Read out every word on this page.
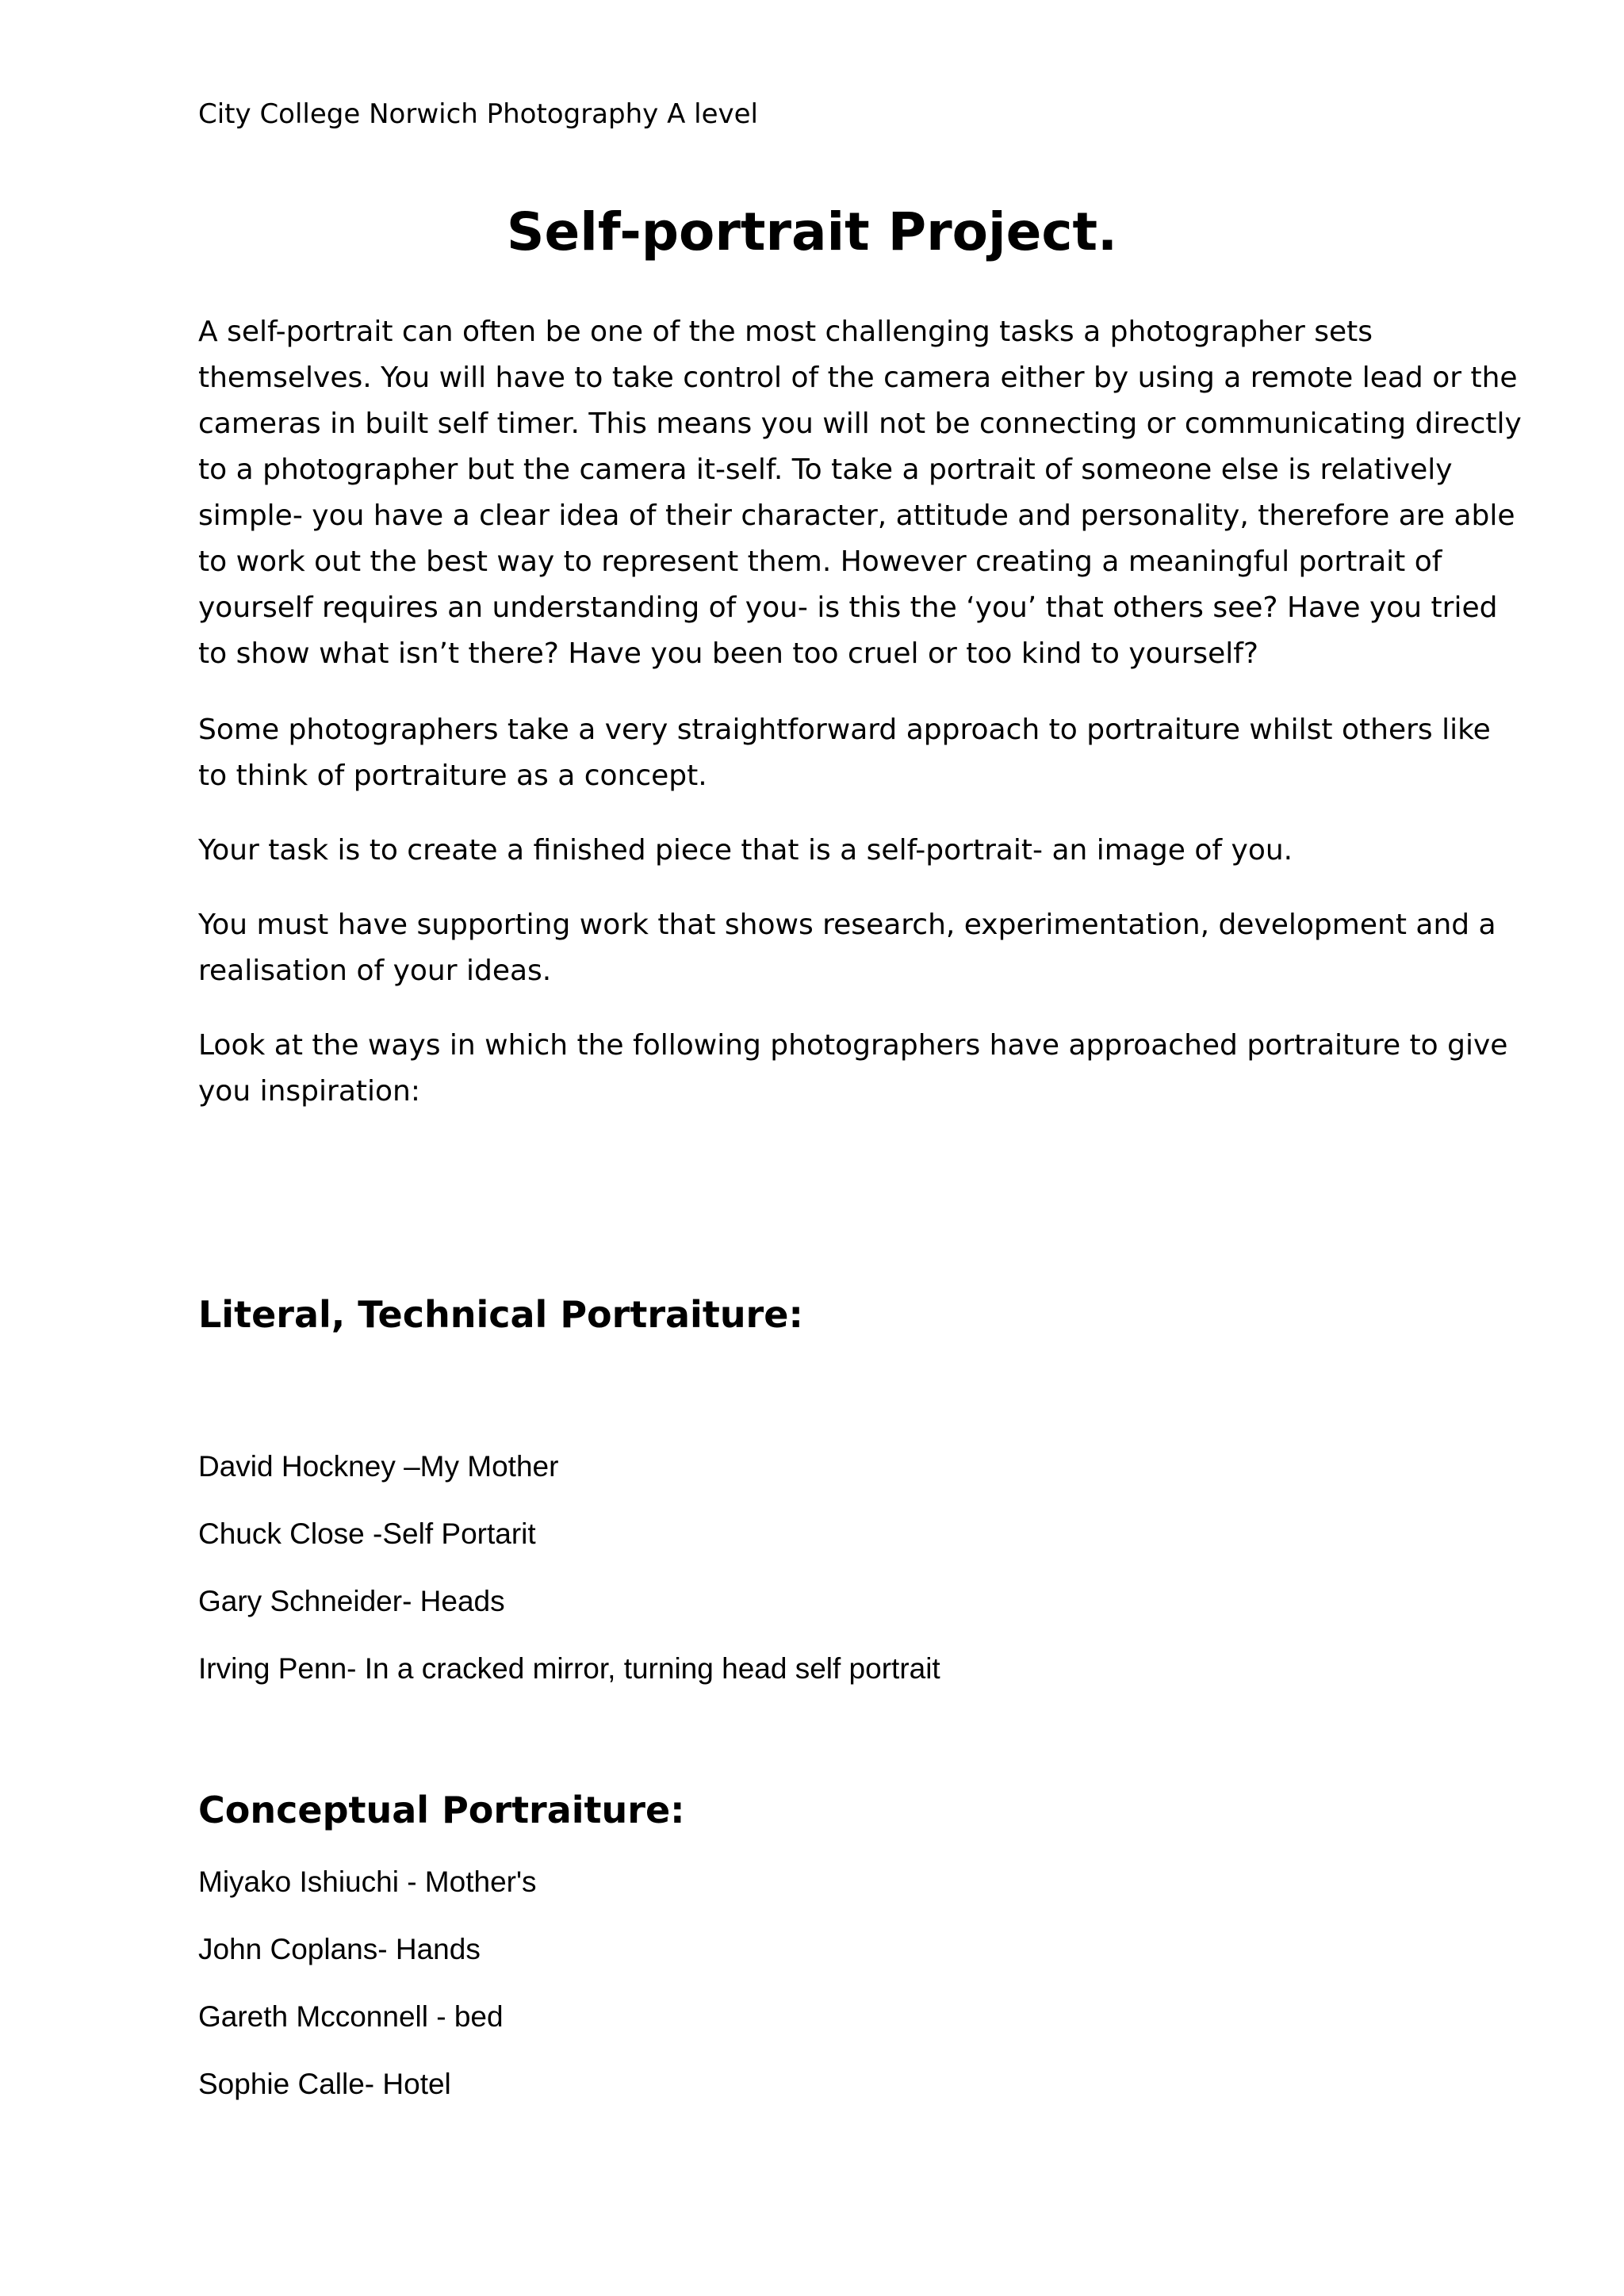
City College Norwich Photography A level
Self-portrait Project.
A self-portrait can often be one of the most challenging tasks a photographer sets
themselves. You will have to take control of the camera either by using a remote lead or the
cameras in built self timer. This means you will not be connecting or communicating directly
to a photographer but the camera it-self. To take a portrait of someone else is relatively
simple- you have a clear idea of their character, attitude and personality, therefore are able
to work out the best way to represent them. However creating a meaningful portrait of
yourself requires an understanding of you- is this the ‘you’ that others see? Have you tried
to show what isn’t there? Have you been too cruel or too kind to yourself?
Some photographers take a very straightforward approach to portraiture whilst others like
to think of portraiture as a concept.
Your task is to create a finished piece that is a self-portrait- an image of you.
You must have supporting work that shows research, experimentation, development and a
realisation of your ideas.
Look at the ways in which the following photographers have approached portraiture to give
you inspiration:
Literal, Technical Portraiture:
David Hockney –My Mother
Chuck Close -Self Portarit
Gary Schneider- Heads
Irving Penn- In a cracked mirror, turning head self portrait
Conceptual Portraiture:
Miyako Ishiuchi - Mother's
John Coplans- Hands
Gareth Mcconnell - bed
Sophie Calle- Hotel
